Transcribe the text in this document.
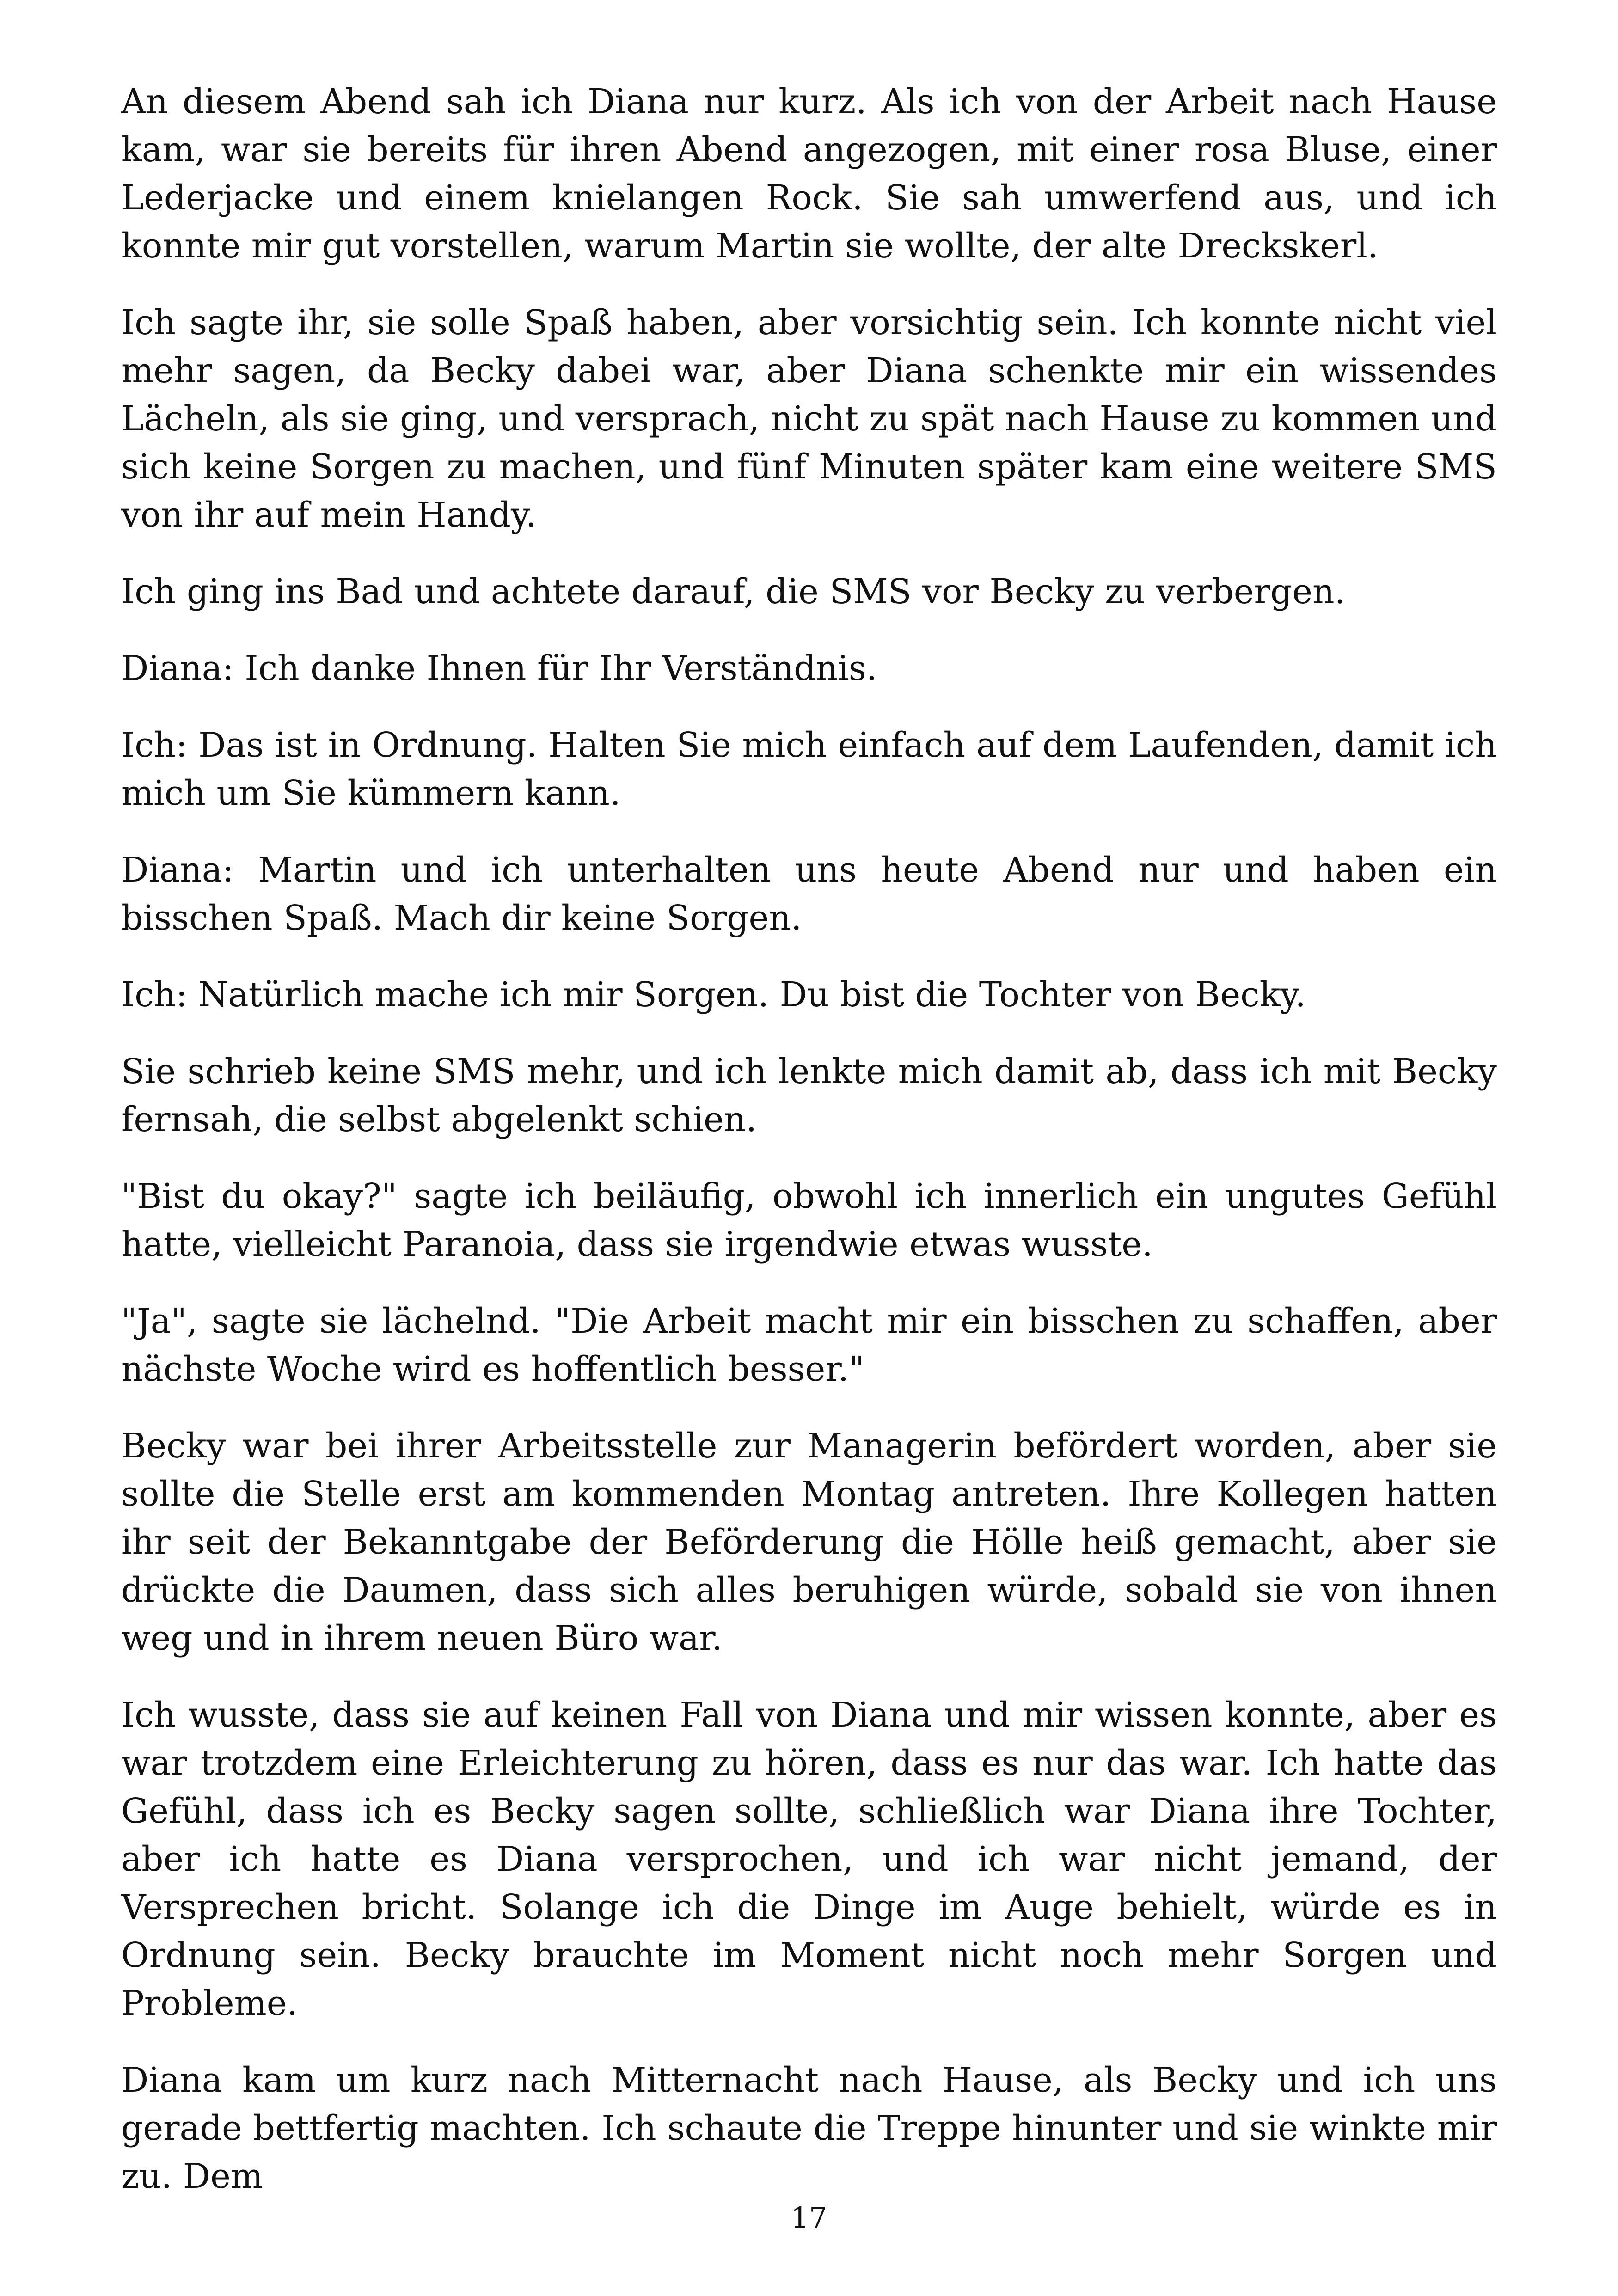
An diesem Abend sah ich Diana nur kurz. Als ich von der Arbeit nach Hause kam, war sie bereits für ihren Abend angezogen, mit einer rosa Bluse, einer Lederjacke und einem knielangen Rock. Sie sah umwerfend aus, und ich konnte mir gut vorstellen, warum Martin sie wollte, der alte Dreckskerl.

Ich sagte ihr, sie solle Spaß haben, aber vorsichtig sein. Ich konnte nicht viel mehr sagen, da Becky dabei war, aber Diana schenkte mir ein wissendes Lächeln, als sie ging, und versprach, nicht zu spät nach Hause zu kommen und sich keine Sorgen zu machen, und fünf Minuten später kam eine weitere SMS von ihr auf mein Handy.

Ich ging ins Bad und achtete darauf, die SMS vor Becky zu verbergen.

Diana: Ich danke Ihnen für Ihr Verständnis.

Ich: Das ist in Ordnung. Halten Sie mich einfach auf dem Laufenden, damit ich mich um Sie kümmern kann.

Diana: Martin und ich unterhalten uns heute Abend nur und haben ein bisschen Spaß. Mach dir keine Sorgen.

Ich: Natürlich mache ich mir Sorgen. Du bist die Tochter von Becky.

Sie schrieb keine SMS mehr, und ich lenkte mich damit ab, dass ich mit Becky fernsah, die selbst abgelenkt schien.

"Bist du okay?" sagte ich beiläufig, obwohl ich innerlich ein ungutes Gefühl hatte, vielleicht Paranoia, dass sie irgendwie etwas wusste.

"Ja", sagte sie lächelnd. "Die Arbeit macht mir ein bisschen zu schaffen, aber nächste Woche wird es hoffentlich besser."

Becky war bei ihrer Arbeitsstelle zur Managerin befördert worden, aber sie sollte die Stelle erst am kommenden Montag antreten. Ihre Kollegen hatten ihr seit der Bekanntgabe der Beförderung die Hölle heiß gemacht, aber sie drückte die Daumen, dass sich alles beruhigen würde, sobald sie von ihnen weg und in ihrem neuen Büro war.

Ich wusste, dass sie auf keinen Fall von Diana und mir wissen konnte, aber es war trotzdem eine Erleichterung zu hören, dass es nur das war. Ich hatte das Gefühl, dass ich es Becky sagen sollte, schließlich war Diana ihre Tochter, aber ich hatte es Diana versprochen, und ich war nicht jemand, der Versprechen bricht. Solange ich die Dinge im Auge behielt, würde es in Ordnung sein. Becky brauchte im Moment nicht noch mehr Sorgen und Probleme.

Diana kam um kurz nach Mitternacht nach Hause, als Becky und ich uns gerade bettfertig machten. Ich schaute die Treppe hinunter und sie winkte mir zu. Dem

17
